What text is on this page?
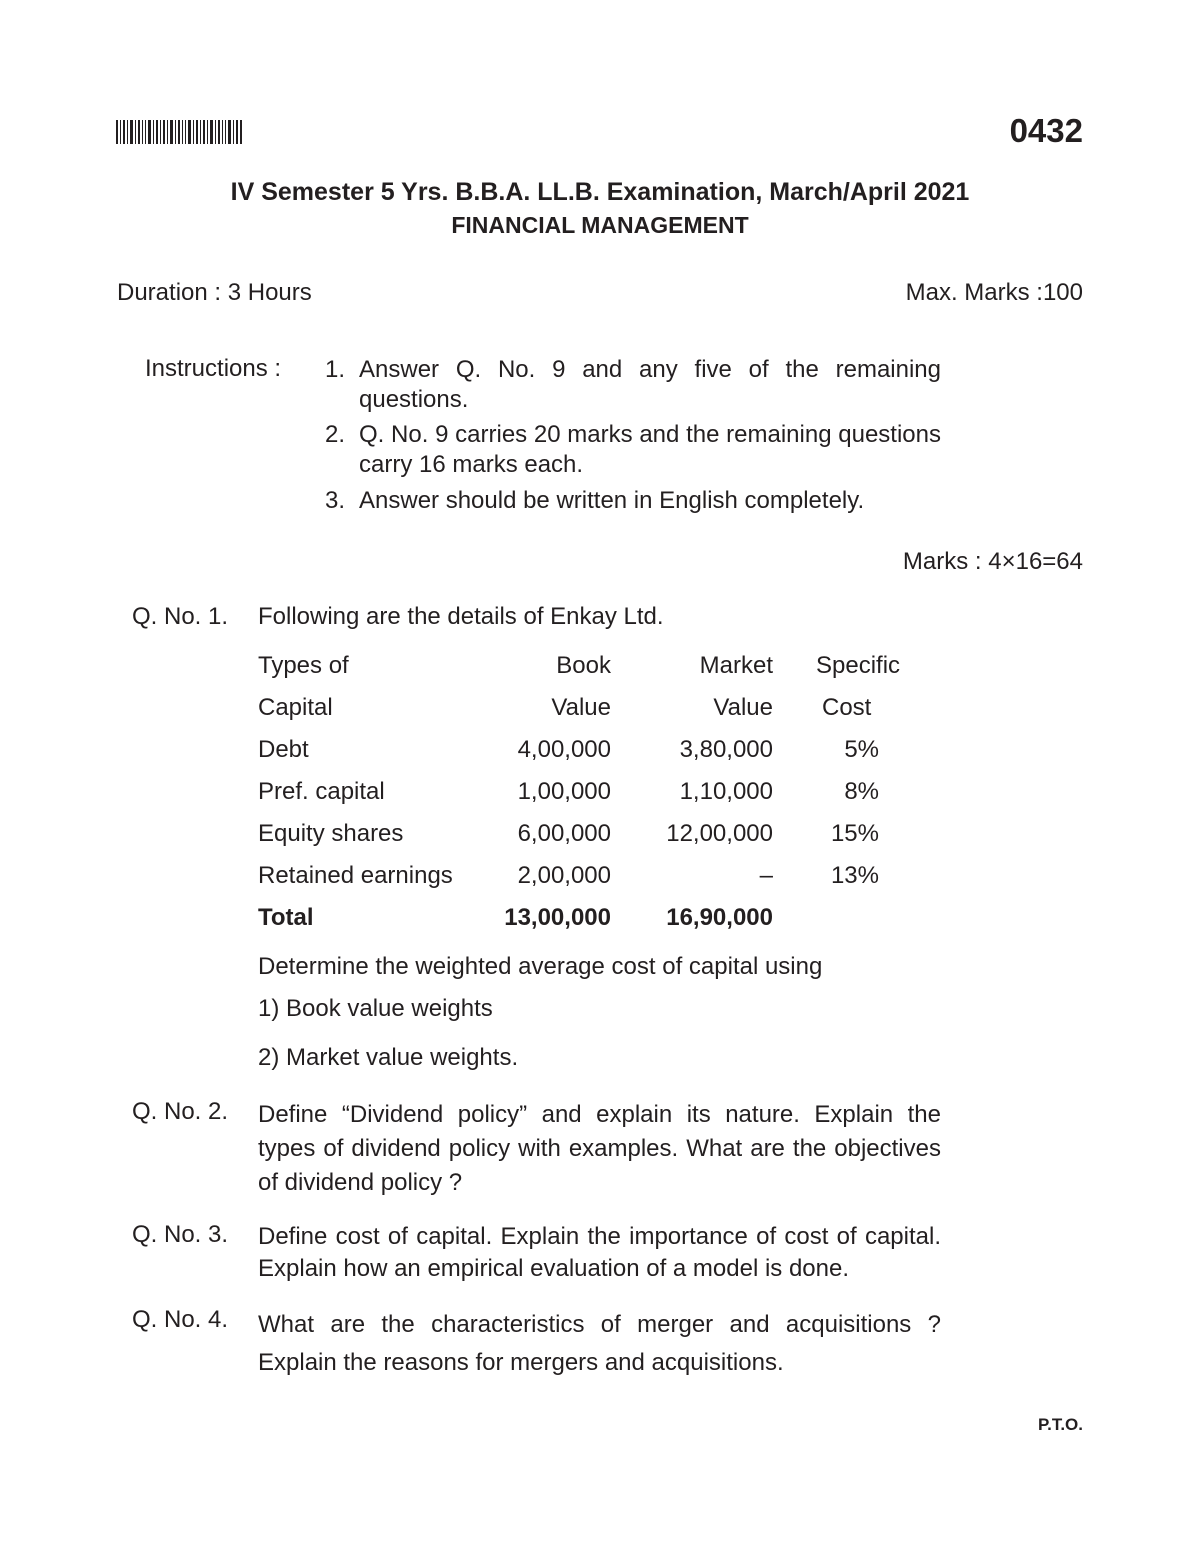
0432
IV Semester 5 Yrs. B.B.A. LL.B. Examination, March/April 2021
FINANCIAL MANAGEMENT
Duration : 3 Hours	Max. Marks :100
Instructions : 1. Answer Q. No. 9 and any five of the remaining questions.
2. Q. No. 9 carries 20 marks and the remaining questions carry 16 marks each.
3. Answer should be written in English completely.
Marks : 4×16=64
Q. No. 1. Following are the details of Enkay Ltd.
Types of	Book	Market Specific
Capital	Value	Value Cost
Debt	4,00,000	3,80,000	5%
Pref. capital	1,00,000	1,10,000	8%
Equity shares	6,00,000 12,00,000 15%
Retained earnings	2,00,000	– 13%
Total	13,00,000 16,90,000
Determine the weighted average cost of capital using
1) Book value weights
2) Market value weights.
Q. No. 2. Define “Dividend policy” and explain its nature. Explain the types of dividend policy with examples. What are the objectives of dividend policy ?
Q. No. 3. Define cost of capital. Explain the importance of cost of capital. Explain how an empirical evaluation of a model is done.
Q. No. 4. What are the characteristics of merger and acquisitions ? Explain the reasons for mergers and acquisitions.
P.T.O.
